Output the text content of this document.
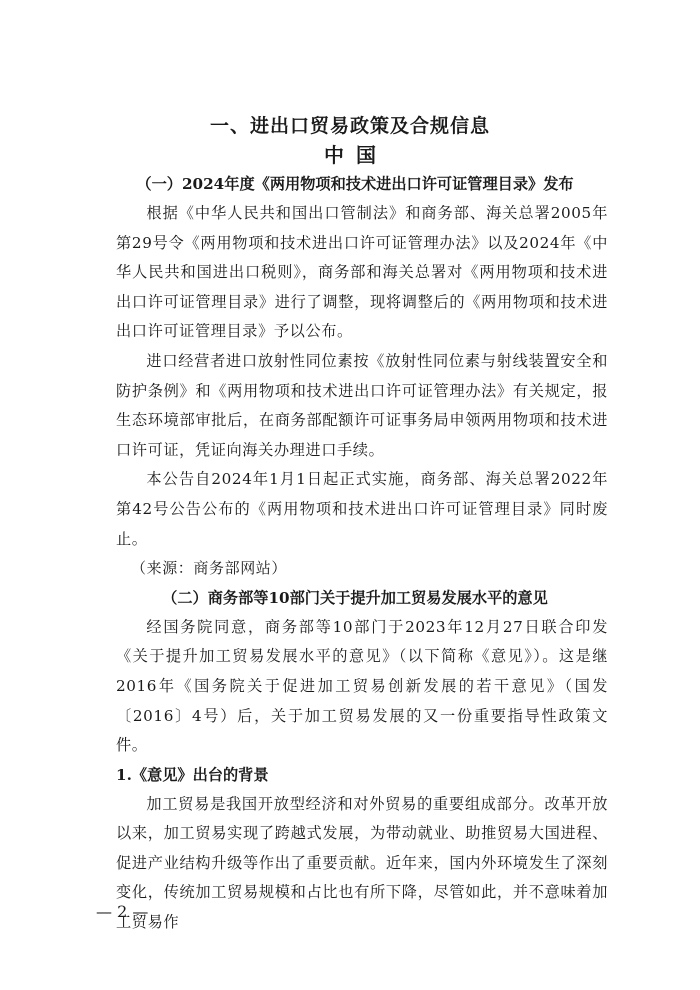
一、进出口贸易政策及合规信息
中国
（一）2024年度《两用物项和技术进出口许可证管理目录》发布

根据《中华人民共和国出口管制法》和商务部、海关总署2005年第29号令《两用物项和技术进出口许可证管理办法》以及2024年《中华人民共和国进出口税则》，商务部和海关总署对《两用物项和技术进出口许可证管理目录》进行了调整，现将调整后的《两用物项和技术进出口许可证管理目录》予以公布。

进口经营者进口放射性同位素按《放射性同位素与射线装置安全和防护条例》和《两用物项和技术进出口许可证管理办法》有关规定，报生态环境部审批后，在商务部配额许可证事务局申领两用物项和技术进口许可证，凭证向海关办理进口手续。

本公告自2024年1月1日起正式实施，商务部、海关总署2022年第42号公告公布的《两用物项和技术进出口许可证管理目录》同时废止。

（来源：商务部网站）

（二）商务部等10部门关于提升加工贸易发展水平的意见

经国务院同意，商务部等10部门于2023年12月27日联合印发《关于提升加工贸易发展水平的意见》（以下简称《意见》）。这是继2016年《国务院关于促进加工贸易创新发展的若干意见》（国发〔2016〕4号）后，关于加工贸易发展的又一份重要指导性政策文件。

1.《意见》出台的背景

加工贸易是我国开放型经济和对外贸易的重要组成部分。改革开放以来，加工贸易实现了跨越式发展，为带动就业、助推贸易大国进程、促进产业结构升级等作出了重要贡献。近年来，国内外环境发生了深刻变化，传统加工贸易规模和占比也有所下降，尽管如此，并不意味着加工贸易作

— 2 —
